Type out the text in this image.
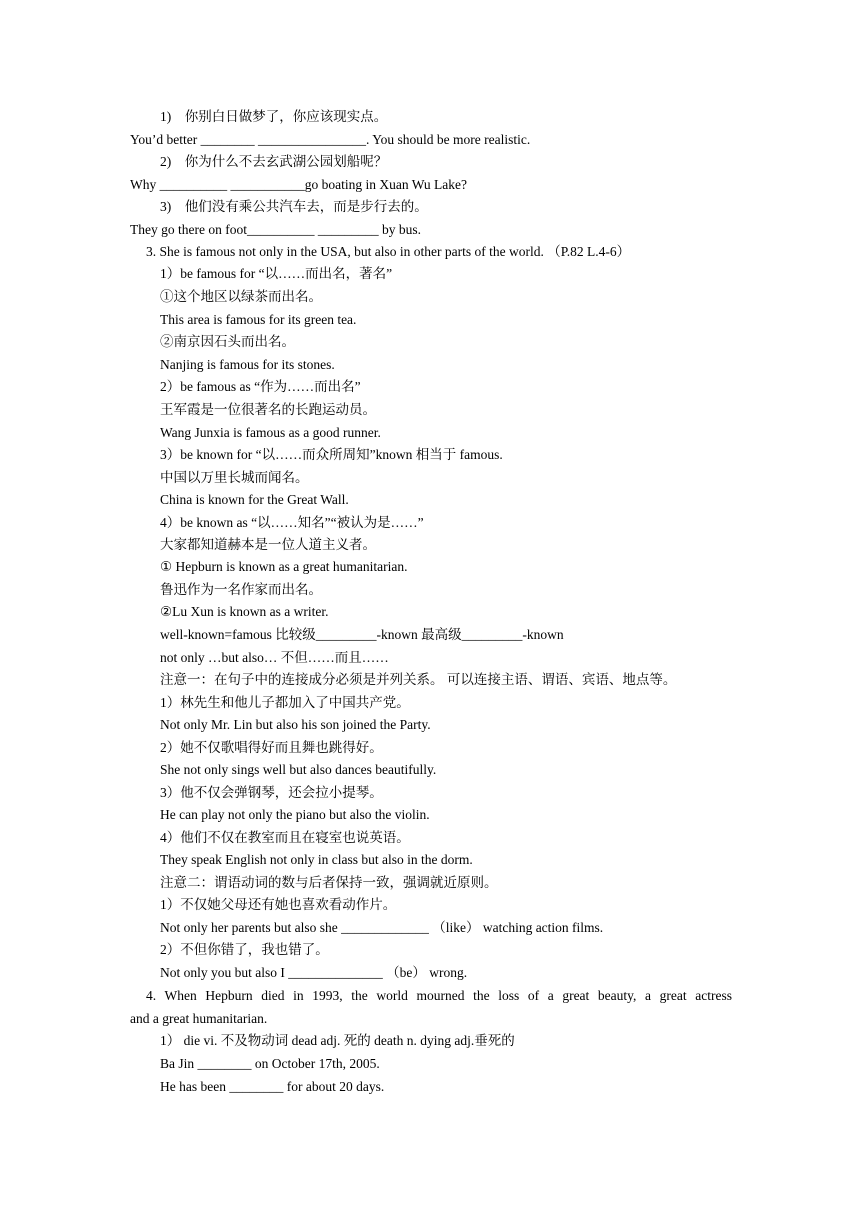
1)　你别白日做梦了，你应该现实点。
You’d better ________ ________________. You should be more realistic.
2)　你为什么不去玄武湖公园划船呢？
Why __________ ___________go boating in Xuan Wu Lake?
3)　他们没有乘公共汽车去，而是步行去的。
They go there on foot__________ _________ by bus.
3. She is famous not only in the USA, but also in other parts of the world. （P.82 L.4-6）
1）be famous for “以……而出名，著名”
①这个地区以绿茶而出名。
This area is famous for its green tea.
②南京因石头而出名。
Nanjing is famous for its stones.
2）be famous as “作为……而出名”
王军霞是一位很著名的长跑运动员。
Wang Junxia is famous as a good runner.
3）be known for “以……而众所周知”known 相当于 famous.
中国以万里长城而闻名。
China is known for the Great Wall.
4）be known as “以……知名”“被认为是……”
大家都知道赫本是一位人道主义者。
① Hepburn is known as a great humanitarian.
鲁迅作为一名作家而出名。
②Lu Xun is known as a writer.
well-known=famous 比较级_________-known 最高级_________-known
not only …but also… 不但……而且……
注意一：在句子中的连接成分必须是并列关系。 可以连接主语、谓语、宾语、地点等。
1）林先生和他儿子都加入了中国共产党。
Not only Mr. Lin but also his son joined the Party.
2）她不仅歌唱得好而且舞也跳得好。
She not only sings well but also dances beautifully.
3）他不仅会弹钢琴，还会拉小提琴。
He can play not only the piano but also the violin.
4）他们不仅在教室而且在寝室也说英语。
They speak English not only in class but also in the dorm.
注意二：谓语动词的数与后者保持一致，强调就近原则。
1）不仅她父母还有她也喜欢看动作片。
Not only her parents but also she _____________ （like） watching action films.
2）不但你错了，我也错了。
Not only you but also I ______________ （be） wrong.
4. When Hepburn died in 1993, the world mourned the loss of a great beauty, a great actress
and a great humanitarian.
1） die vi. 不及物动词 dead adj. 死的 death n. dying adj.垂死的
Ba Jin ________ on October 17th, 2005.
He has been ________ for about 20 days.
